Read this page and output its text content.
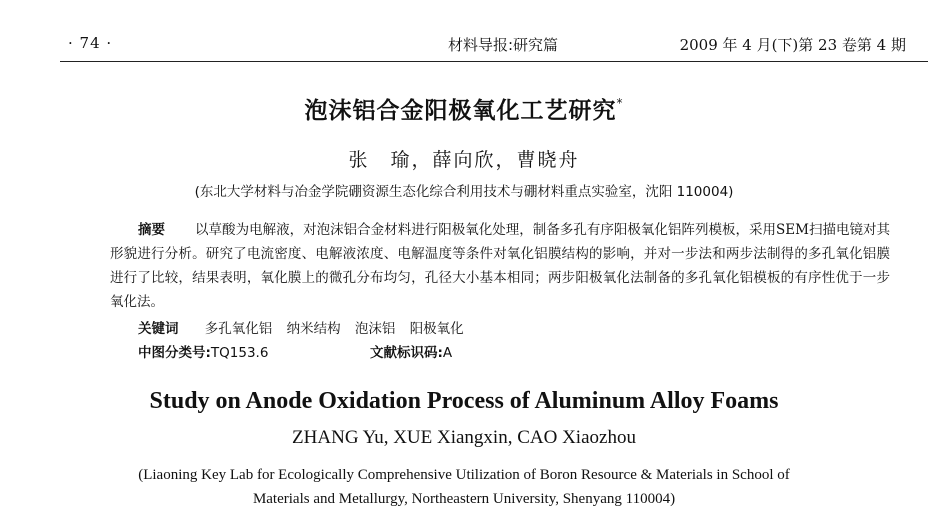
· 74 ·	材料导报:研究篇	2009 年 4 月(下)第 23 卷第 4 期
泡沫铝合金阳极氧化工艺研究*
张　瑜，薛向欣，曹晓舟
(东北大学材料与冶金学院硼资源生态化综合利用技术与硼材料重点实验室，沈阳 110004)
摘要 以草酸为电解液，对泡沫铝合金材料进行阳极氧化处理，制备多孔有序阳极氧化铝阵列模板，采用SEM扫描电镜对其形貌进行分析。研究了电流密度、电解液浓度、电解温度等条件对氧化铝膜结构的影响，并对一步法和两步法制得的多孔氧化铝膜进行了比较，结果表明，氧化膜上的微孔分布均匀，孔径大小基本相同；两步阳极氧化法制备的多孔氧化铝模板的有序性优于一步氧化法。
关键词 多孔氧化铝 纳米结构 泡沫铝 阳极氧化
中图分类号:TQ153.6	文献标识码:A
Study on Anode Oxidation Process of Aluminum Alloy Foams
ZHANG Yu, XUE Xiangxin, CAO Xiaozhou
(Liaoning Key Lab for Ecologically Comprehensive Utilization of Boron Resource & Materials in School of
Materials and Metallurgy, Northeastern University, Shenyang 110004)
